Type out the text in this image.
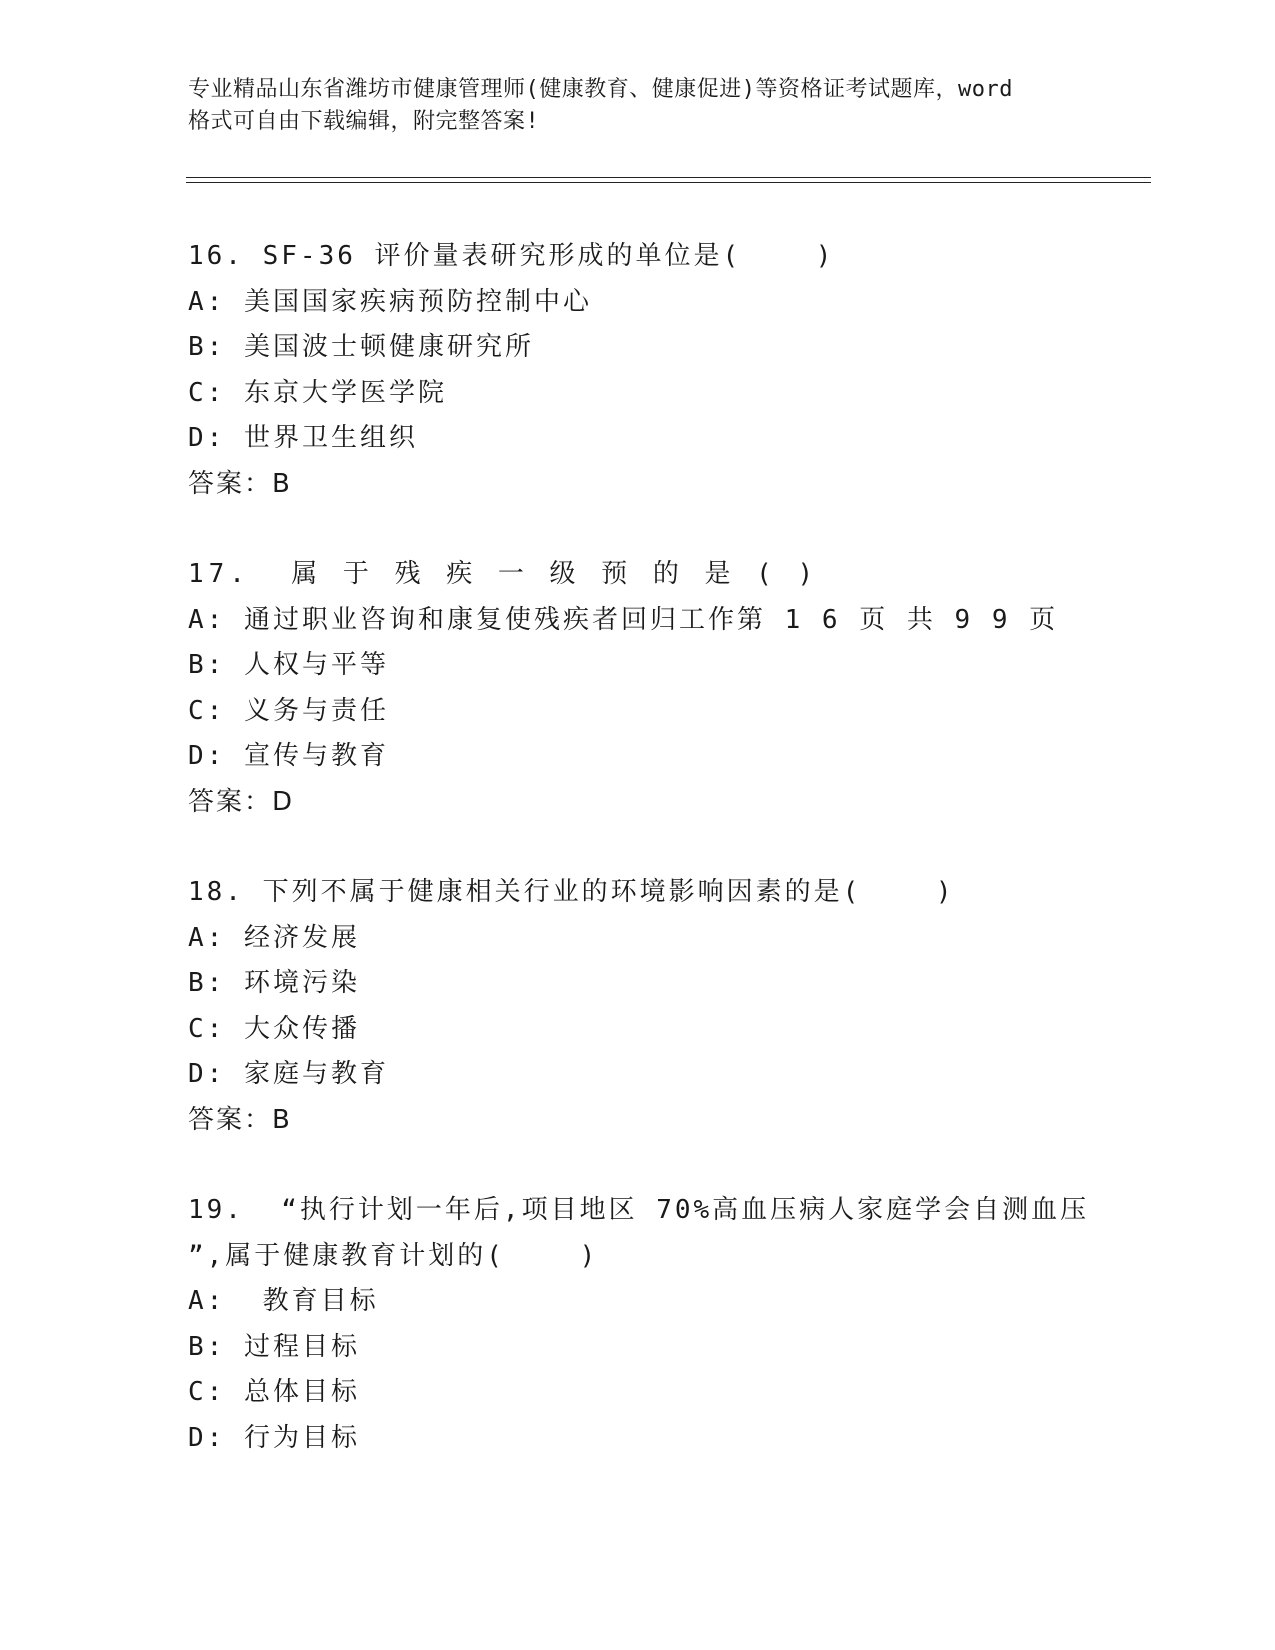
专业精品山东省潍坊市健康管理师(健康教育、健康促进)等资格证考试题库，word
格式可自由下载编辑，附完整答案!
16. SF-36 评价量表研究形成的单位是(    )
A: 美国国家疾病预防控制中心
B: 美国波士顿健康研究所
C: 东京大学医学院
D: 世界卫生组织
答案：B
17.  属 于 残 疾 一 级 预 的 是 ( )
A: 通过职业咨询和康复使残疾者回归工作第 1 6 页 共 9 9 页
B: 人权与平等
C: 义务与责任
D: 宣传与教育
答案：D
18. 下列不属于健康相关行业的环境影响因素的是(    )
A: 经济发展
B: 环境污染
C: 大众传播
D: 家庭与教育
答案：B
19.  “执行计划一年后,项目地区 70%高血压病人家庭学会自测血压
”,属于健康教育计划的(    )
A:  教育目标
B: 过程目标
C: 总体目标
D: 行为目标
